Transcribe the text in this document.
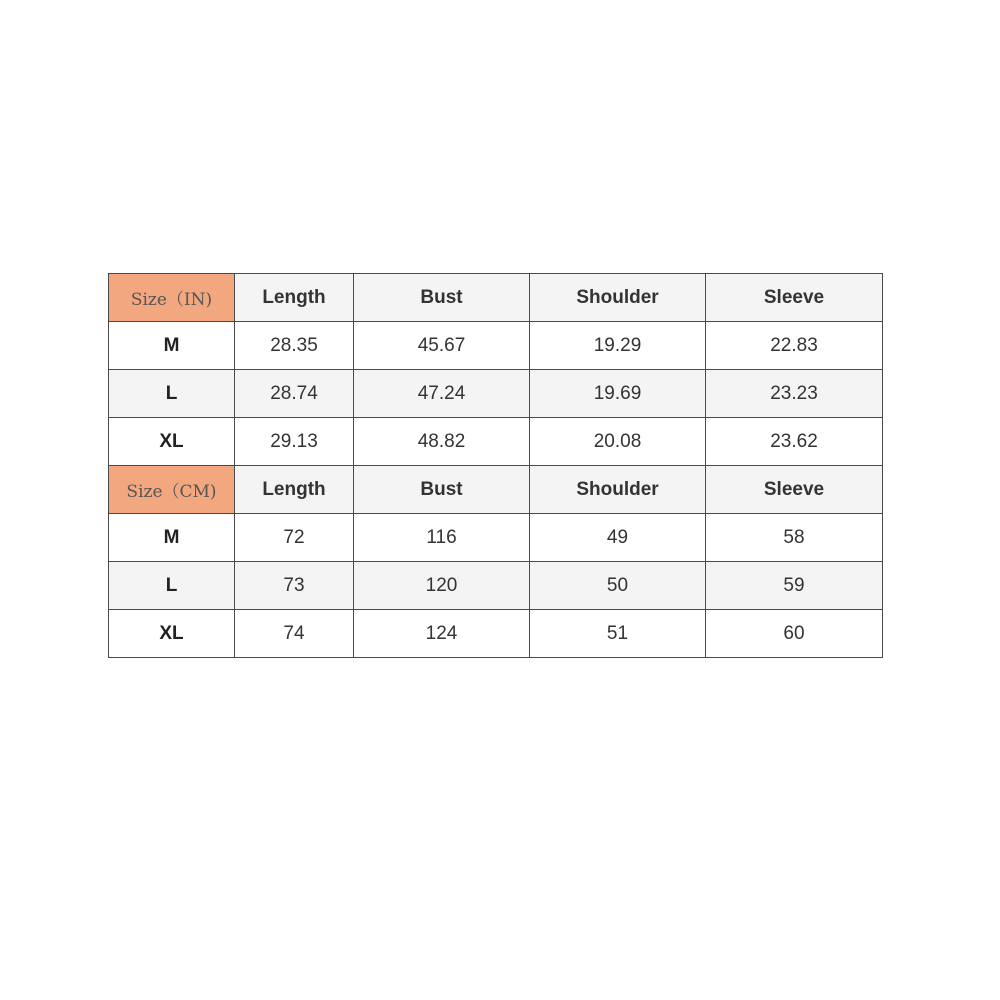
Size（IN)	Length	Bust	Shoulder	Sleeve
M	28.35	45.67	19.29	22.83
L	28.74	47.24	19.69	23.23
XL	29.13	48.82	20.08	23.62
Size（CM)	Length	Bust	Shoulder	Sleeve
M	72	116	49	58
L	73	120	50	59
XL	74	124	51	60
